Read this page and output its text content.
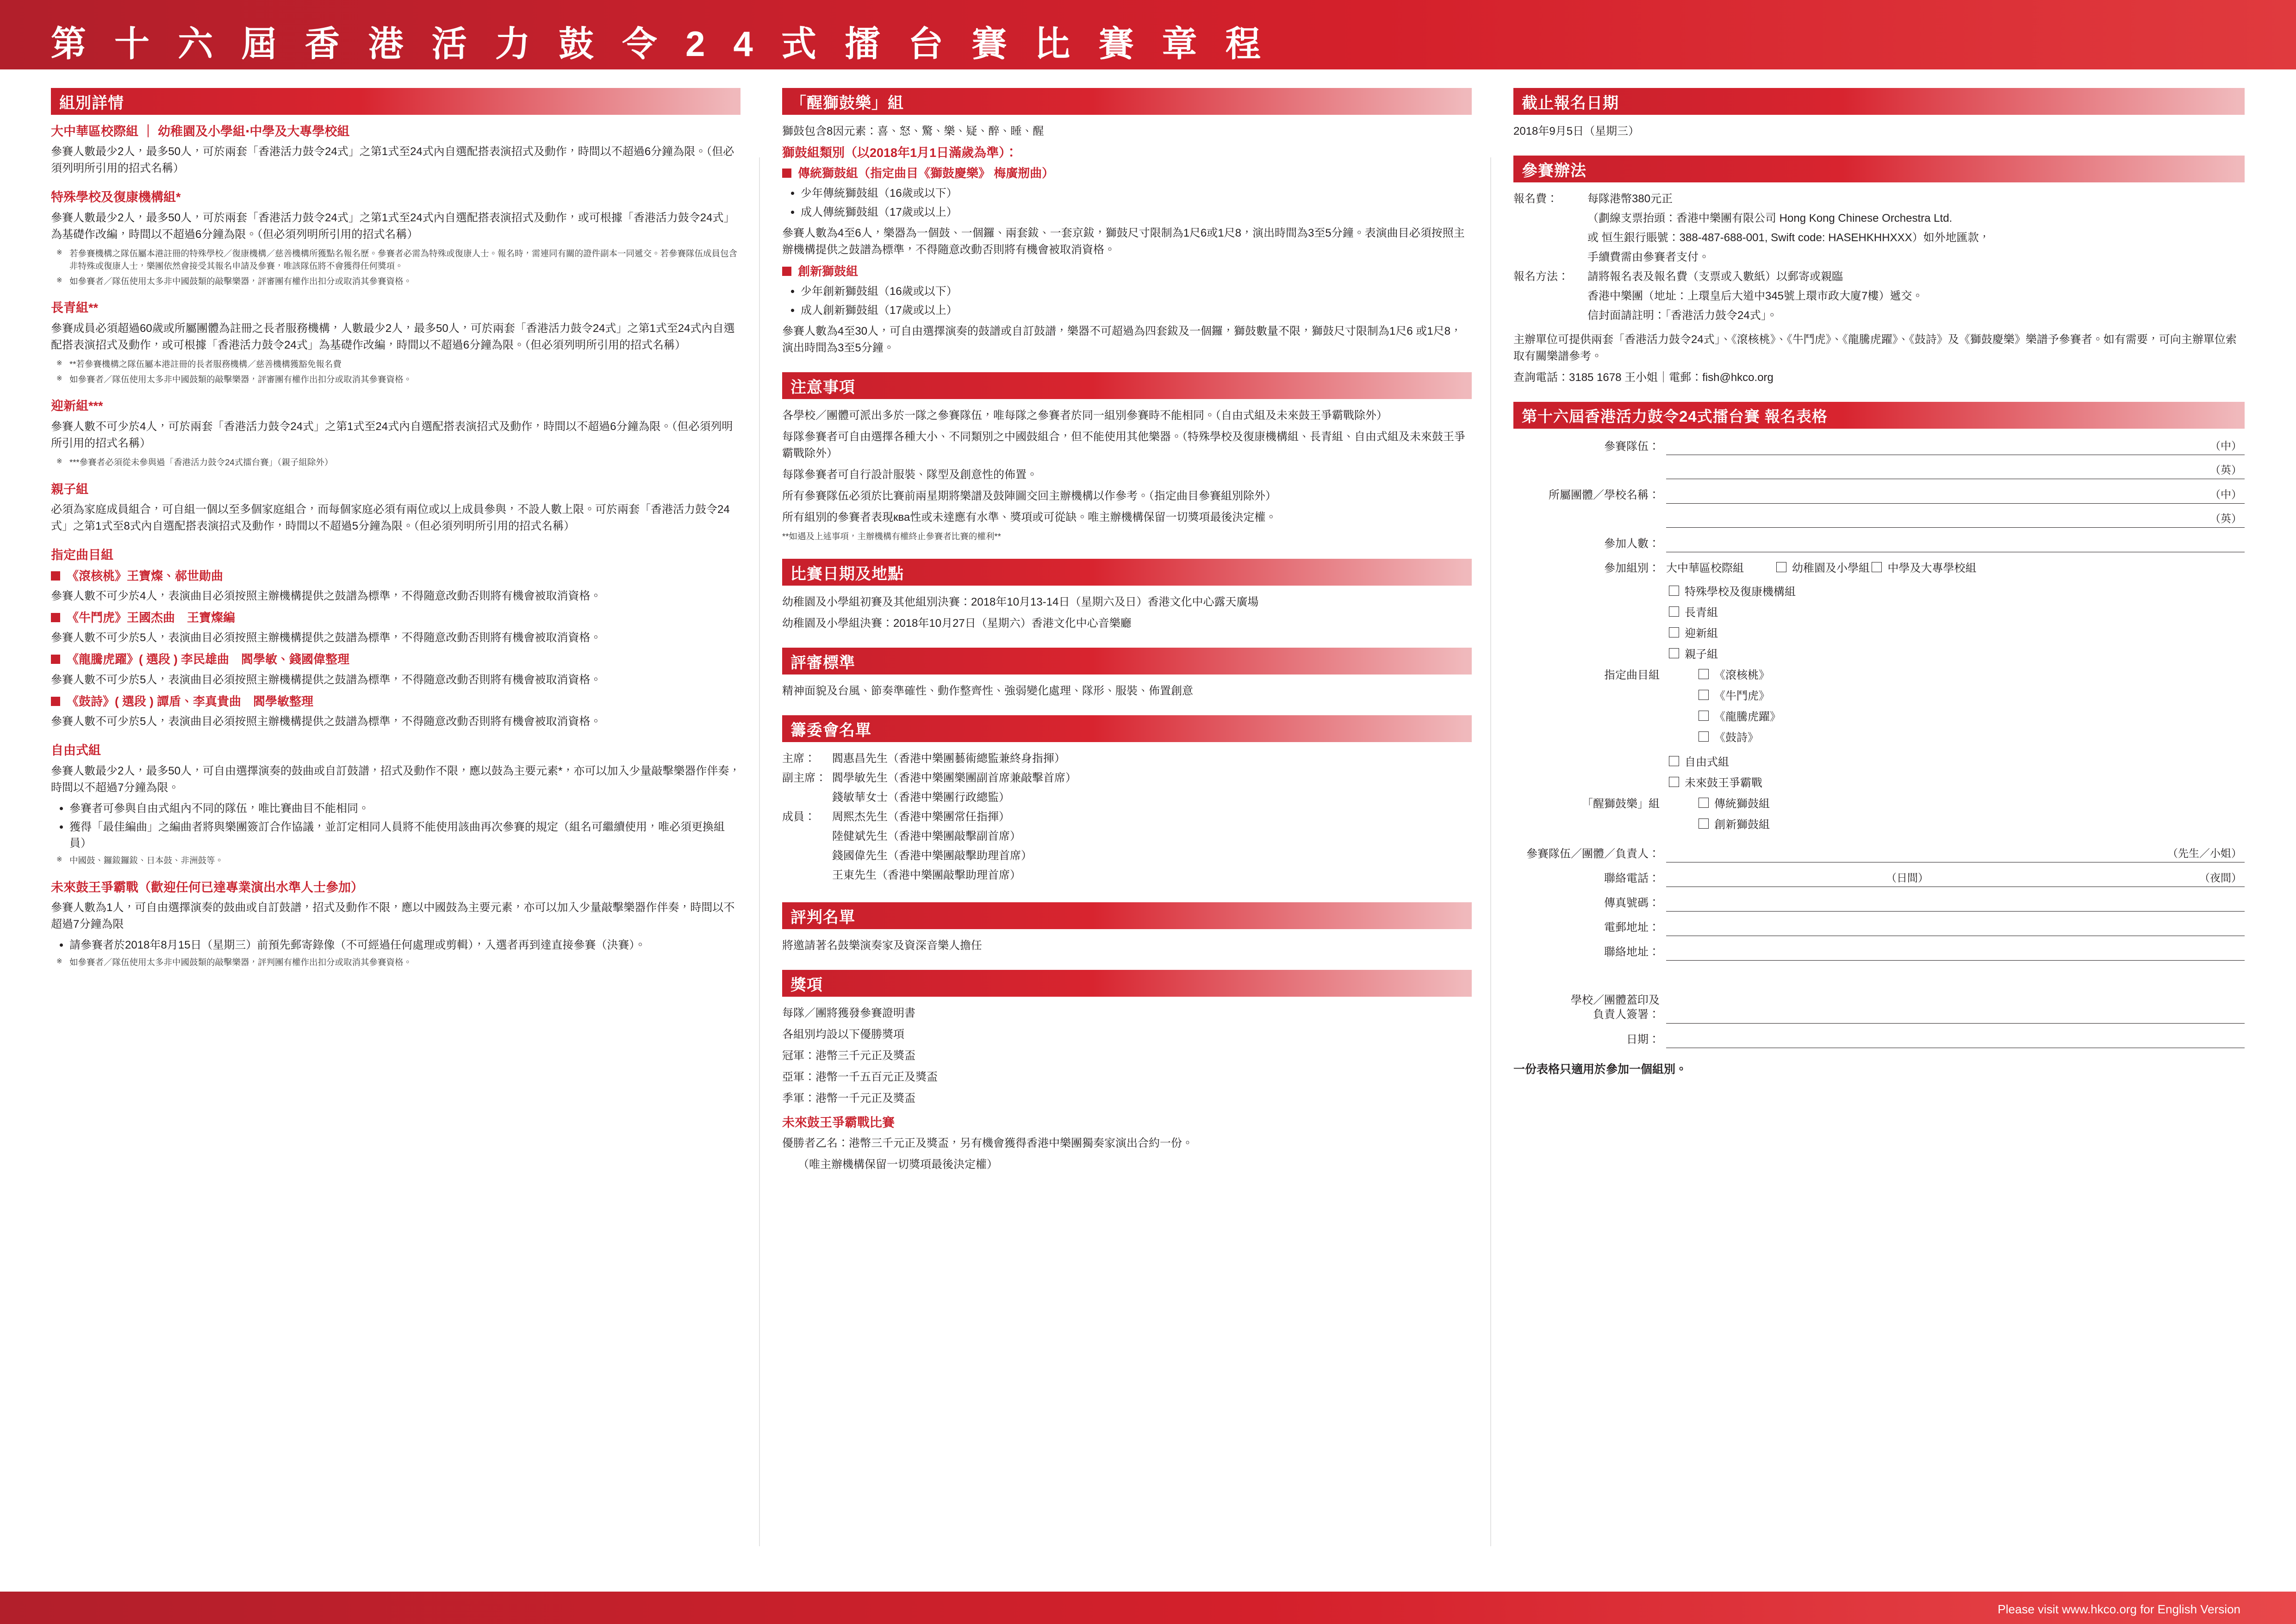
第 十 六 屆 香 港 活 力 鼓 令 2 4 式 擂 台 賽 比 賽 章 程
組別詳情
大中華區校際組 ｜ 幼稚園及小學組‧中學及大專學校組

參賽人數最少2人，最多50人，可於兩套「香港活力鼓令24式」之第1式至24式內自選配搭表演招式及動作，時間以不超過6分鐘為限。（但必須列明所引用的招式名稱）

特殊學校及復康機構組*

參賽人數最少2人，最多50人，可於兩套「香港活力鼓令24式」之第1式至24式內自選配搭表演招式及動作，或可根據「香港活力鼓令24式」為基礎作改編，時間以不超過6分鐘為限。（但必須列明所引用的招式名稱）

※ 若參賽機構之隊伍屬本港註冊的特殊學校／復康機構／慈善機構所獲點名報名歷。參賽者必需為特殊或復康人士。報名時，需連同有關的證件副本一同遞交。若參賽隊伍成員包含非特殊或復康人士，樂團依然會接受其報名申請及參賽，唯該隊伍將不會獲得任何獎項。
※ 如參賽者／隊伍使用太多非中國鼓類的敲擊樂器，評審團有權作出扣分或取消其參賽資格。
長青組**

參賽成員必須超過60歲或所屬團體為註冊之長者服務機構，人數最少2人，最多50人，可於兩套「香港活力鼓令24式」之第1式至24式內自選配搭表演招式及動作，或可根據「香港活力鼓令24式」為基礎作改編，時間以不超過6分鐘為限。（但必須列明所引用的招式名稱）

※ **若參賽機構之隊伍屬本港註冊的長者服務機構／慈善機構獲豁免報名費
※ 如參賽者／隊伍使用太多非中國鼓類的敲擊樂器，評審團有權作出扣分或取消其參賽資格。
迎新組***

參賽人數不可少於4人，可於兩套「香港活力鼓令24式」之第1式至24式內自選配搭表演招式及動作，時間以不超過6分鐘為限。（但必須列明所引用的招式名稱）

※ ***參賽者必須從未參與過「香港活力鼓令24式擂台賽」（親子組除外）
親子組

必須為家庭成員組合，可自組一個以至多個家庭組合，而每個家庭必須有兩位或以上成員參與，不設人數上限。可於兩套「香港活力鼓令24式」之第1式至8式內自選配搭表演招式及動作，時間以不超過5分鐘為限。（但必須列明所引用的招式名稱）

指定曲目組
《滾核桃》王寶燦、郝世勛曲

參賽人數不可少於4人，表演曲目必須按照主辦機構提供之鼓譜為標準，不得隨意改動否則將有機會被取消資格。

《牛鬥虎》王國杰曲　王寶燦編

參賽人數不可少於5人，表演曲目必須按照主辦機構提供之鼓譜為標準，不得隨意改動否則將有機會被取消資格。

《龍騰虎躍》( 選段 ) 李民雄曲　閻學敏、錢國偉整理

參賽人數不可少於5人，表演曲目必須按照主辦機構提供之鼓譜為標準，不得隨意改動否則將有機會被取消資格。

《鼓詩》( 選段 ) 譚盾、李真貴曲　閻學敏整理

參賽人數不可少於5人，表演曲目必須按照主辦機構提供之鼓譜為標準，不得隨意改動否則將有機會被取消資格。

自由式組

參賽人數最少2人，最多50人，可自由選擇演奏的鼓曲或自訂鼓譜，招式及動作不限，應以鼓為主要元素*，亦可以加入少量敲擊樂器作伴奏，時間以不超過7分鐘為限。

• 參賽者可參與自由式組內不同的隊伍，唯比賽曲目不能相同。
• 獲得「最佳編曲」之編曲者將與樂團簽訂合作協議，並訂定相同人員將不能使用該曲再次參賽的規定（組名可繼續使用，唯必須更換組員）
※ 中國鼓、鑼鈸鑼鈸、日本鼓、非洲鼓等。
未來鼓王爭霸戰（歡迎任何已達專業演出水準人士參加）

參賽人數為1人，可自由選擇演奏的鼓曲或自訂鼓譜，招式及動作不限，應以中國鼓為主要元素，亦可以加入少量敲擊樂器作伴奏，時間以不超過7分鐘為限

• 請參賽者於2018年8月15日（星期三）前預先郵寄錄像（不可經過任何處理或剪輯），入選者再到達直接參賽（決賽）。
※ 如參賽者／隊伍使用太多非中國鼓類的敲擊樂器，評判團有權作出扣分或取消其參賽資格。
「醒獅鼓樂」組

獅鼓包含8因元素：喜、怒、驚、樂、疑、醉、睡、醒

獅鼓組類別（以2018年1月1日滿歲為準）：
傳統獅鼓組（指定曲目《獅鼓慶樂》 梅廣剏曲）
• 少年傳統獅鼓組（16歲或以下）
• 成人傳統獅鼓組（17歲或以上）

參賽人數為4至6人，樂器為一個鼓、一個鑼、兩套鈸、一套京鈸，獅鼓尺寸限制為1尺6或1尺8，演出時間為3至5分鐘。表演曲目必須按照主辦機構提供之鼓譜為標準，不得隨意改動否則將有機會被取消資格。

創新獅鼓組
• 少年創新獅鼓組（16歲或以下）
• 成人創新獅鼓組（17歲或以上）

參賽人數為4至30人，可自由選擇演奏的鼓譜或自訂鼓譜，樂器不可超過為四套鈸及一個鑼，獅鼓數量不限，獅鼓尺寸限制為1尺6 或1尺8，演出時間為3至5分鐘。

注意事項

各學校／團體可派出多於一隊之參賽隊伍，唯每隊之參賽者於同一組別參賽時不能相同。（自由式組及未來鼓王爭霸戰除外）

每隊參賽者可自由選擇各種大小、不同類別之中國鼓組合，但不能使用其他樂器。（特殊學校及復康機構組、長青組、自由式組及未來鼓王爭霸戰除外）

每隊參賽者可自行設計服裝、隊型及創意性的佈置。

所有參賽隊伍必須於比賽前兩星期將樂譜及鼓陣圖交回主辦機構以作參考。（指定曲目參賽組別除外）

所有組別的參賽者表現ква性或未達應有水準、獎項或可從缺。唯主辦機構保留一切獎項最後決定權。

**如遇及上述事項，主辦機構有權終止參賽者比賽的權利**

比賽日期及地點

幼稚園及小學組初賽及其他組別決賽：2018年10月13-14日（星期六及日）香港文化中心露天廣場

幼稚園及小學組決賽：2018年10月27日（星期六）香港文化中心音樂廳

評審標準

精神面貌及台風、節奏準確性、動作整齊性、強弱變化處理、隊形、服裝、佈置創意

籌委會名單
主席：	閻惠昌先生（香港中樂團藝術總監兼終身指揮）
副主席：	閻學敏先生（香港中樂團樂團副首席兼敲擊首席）
	錢敏華女士（香港中樂團行政總監）
成員：	周熙杰先生（香港中樂團常任指揮）
	陸健斌先生（香港中樂團敲擊副首席）
	錢國偉先生（香港中樂團敲擊助理首席）
	王東先生（香港中樂團敲擊助理首席）
評判名單

將邀請著名鼓樂演奏家及資深音樂人擔任

獎項

每隊／團將獲發參賽證明書

各組別均設以下優勝獎項

冠軍：港幣三千元正及獎盃

亞軍：港幣一千五百元正及獎盃

季軍：港幣一千元正及獎盃

未來鼓王爭霸戰比賽

優勝者乙名：港幣三千元正及獎盃，另有機會獲得香港中樂團獨奏家演出合約一份。

（唯主辦機構保留一切獎項最後決定權）

截止報名日期

2018年9月5日（星期三）

參賽辦法
報名費：	每隊港幣380元正
	（劃線支票抬頭：香港中樂團有限公司 Hong Kong Chinese Orchestra Ltd.
	或 恒生銀行賬號：388-487-688-001, Swift code: HASEHKHHXXX）如外地匯款，
	手續費需由參賽者支付。
報名方法：	請將報名表及報名費（支票或入數紙）以郵寄或親臨
	香港中樂團（地址：上環皇后大道中345號上環市政大廈7樓）遞交。
	信封面請註明：「香港活力鼓令24式」。

主辦單位可提供兩套「香港活力鼓令24式」、《滾核桃》、《牛鬥虎》、《龍騰虎躍》、《鼓詩》及《獅鼓慶樂》樂譜予參賽者。如有需要，可向主辦單位索取有關樂譜參考。

查詢電話：3185 1678 王小姐｜電郵：fish@hkco.org

第十六屆香港活力鼓令24式擂台賽 報名表格
參賽隊伍：	（中）
（英）
所屬團體／學校名稱：	（中）
（英）
參加人數：
參加組別： 大中華區校際組	幼稚園及小學組
中學及大專學校組
特殊學校及復康機構組

長青組

迎新組

親子組
指定曲目組	《滾核桃》

《牛鬥虎》

《龍騰虎躍》

《鼓詩》
自由式組

未來鼓王爭霸戰
「醒獅鼓樂」組	傳統獅鼓組

創新獅鼓組
參賽隊伍／團體／負責人：	（先生／小姐）
聯絡電話：	（日間）	（夜間）
傳真號碼：
電郵地址：
聯絡地址：
學校／團體蓋印及
負責人簽署：
日期：
一份表格只適用於參加一個組別。
Please visit www.hkco.org for English Version
